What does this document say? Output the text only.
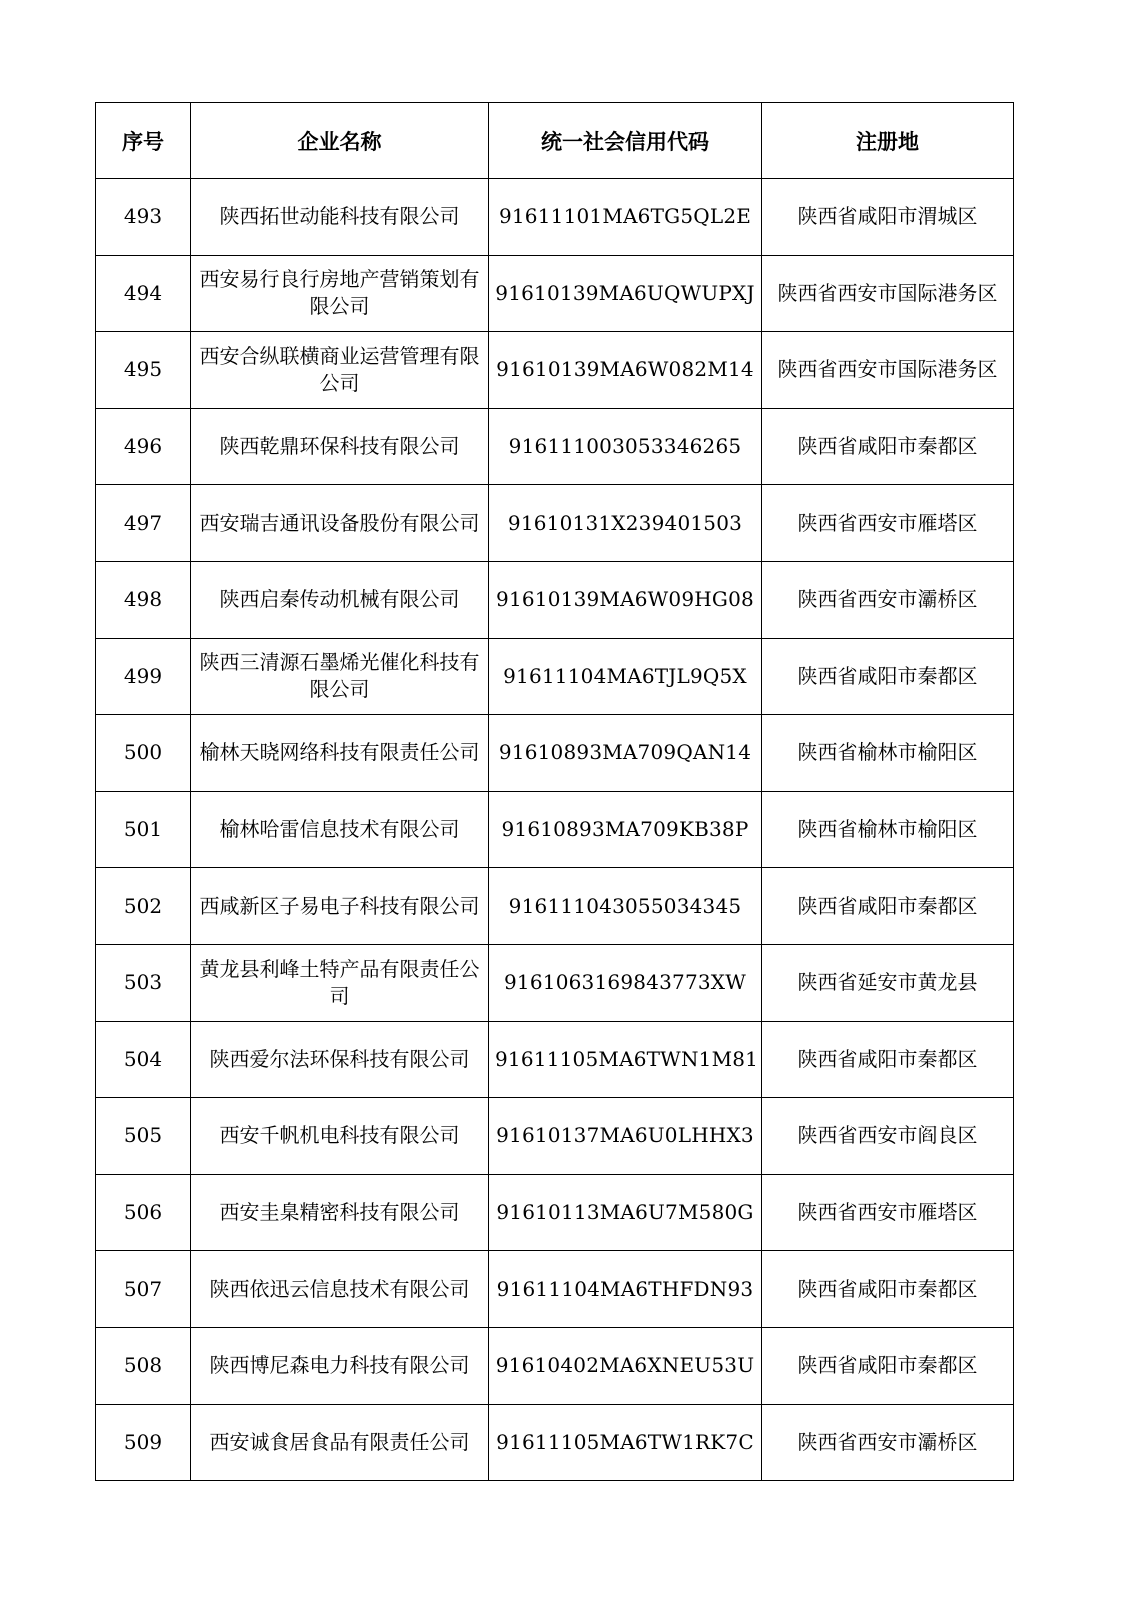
序号	企业名称	统一社会信用代码	注册地
493	陕西拓世动能科技有限公司	91611101MA6TG5QL2E	陕西省咸阳市渭城区
494	西安易行良行房地产营销策划有限公司	91610139MA6UQWUPXJ	陕西省西安市国际港务区
495	西安合纵联横商业运营管理有限公司	91610139MA6W082M14	陕西省西安市国际港务区
496	陕西乾鼎环保科技有限公司	916111003053346265	陕西省咸阳市秦都区
497	西安瑞吉通讯设备股份有限公司	91610131X239401503	陕西省西安市雁塔区
498	陕西启秦传动机械有限公司	91610139MA6W09HG08	陕西省西安市灞桥区
499	陕西三清源石墨烯光催化科技有限公司	91611104MA6TJL9Q5X	陕西省咸阳市秦都区
500	榆林天晓网络科技有限责任公司	91610893MA709QAN14	陕西省榆林市榆阳区
501	榆林哈雷信息技术有限公司	91610893MA709KB38P	陕西省榆林市榆阳区
502	西咸新区子易电子科技有限公司	916111043055034345	陕西省咸阳市秦都区
503	黄龙县利峰土特产品有限责任公司	9161063169843773XW	陕西省延安市黄龙县
504	陕西爱尔法环保科技有限公司	91611105MA6TWN1M81	陕西省咸阳市秦都区
505	西安千帆机电科技有限公司	91610137MA6U0LHHX3	陕西省西安市阎良区
506	西安圭臬精密科技有限公司	91610113MA6U7M580G	陕西省西安市雁塔区
507	陕西依迅云信息技术有限公司	91611104MA6THFDN93	陕西省咸阳市秦都区
508	陕西博尼森电力科技有限公司	91610402MA6XNEU53U	陕西省咸阳市秦都区
509	西安诚食居食品有限责任公司	91611105MA6TW1RK7C	陕西省西安市灞桥区
